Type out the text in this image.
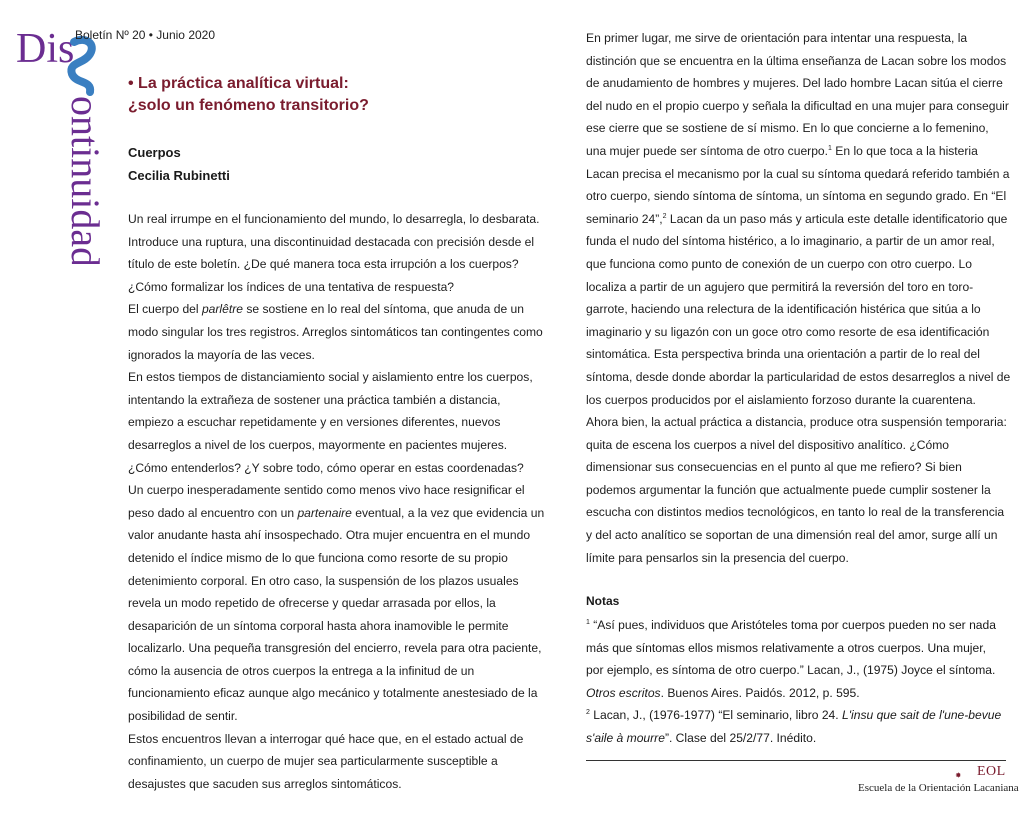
Dis
ontinuidad
Boletín Nº 20 • Junio 2020
• La práctica analítica virtual:
¿solo un fenómeno transitorio?
Cuerpos
Cecilia Rubinetti

Un real irrumpe en el funcionamiento del mundo, lo desarregla, lo desbarata. Introduce una ruptura, una discontinuidad destacada con precisión desde el título de este boletín. ¿De qué manera toca esta irrupción a los cuerpos? ¿Cómo formalizar los índices de una tentativa de respuesta?

El cuerpo del parlêtre se sostiene en lo real del síntoma, que anuda de un modo singular los tres registros. Arreglos sintomáticos tan contingentes como ignorados la mayoría de las veces.

En estos tiempos de distanciamiento social y aislamiento entre los cuerpos, intentando la extrañeza de sostener una práctica también a distancia, empiezo a escuchar repetidamente y en versiones diferentes, nuevos desarreglos a nivel de los cuerpos, mayormente en pacientes mujeres. ¿Cómo entenderlos? ¿Y sobre todo, cómo operar en estas coordenadas?

Un cuerpo inesperadamente sentido como menos vivo hace resignificar el peso dado al encuentro con un partenaire eventual, a la vez que evidencia un valor anudante hasta ahí insospechado. Otra mujer encuentra en el mundo detenido el índice mismo de lo que funciona como resorte de su propio detenimiento corporal. En otro caso, la suspensión de los plazos usuales revela un modo repetido de ofrecerse y quedar arrasada por ellos, la desaparición de un síntoma corporal hasta ahora inamovible le permite localizarlo. Una pequeña transgresión del encierro, revela para otra paciente, cómo la ausencia de otros cuerpos la entrega a la infinitud de un funcionamiento eficaz aunque algo mecánico y totalmente anestesiado de la posibilidad de sentir.

Estos encuentros llevan a interrogar qué hace que, en el estado actual de confinamiento, un cuerpo de mujer sea particularmente susceptible a desajustes que sacuden sus arreglos sintomáticos.

En primer lugar, me sirve de orientación para intentar una respuesta, la distinción que se encuentra en la última enseñanza de Lacan sobre los modos de anudamiento de hombres y mujeres. Del lado hombre Lacan sitúa el cierre del nudo en el propio cuerpo y señala la dificultad en una mujer para conseguir ese cierre que se sostiene de sí mismo. En lo que concierne a lo femenino, una mujer puede ser síntoma de otro cuerpo.$^1$ En lo que toca a la histeria Lacan precisa el mecanismo por la cual su síntoma quedará referido también a otro cuerpo, siendo síntoma de síntoma, un síntoma en segundo grado. En “El seminario 24”,$^2$ Lacan da un paso más y articula este detalle identificatorio que funda el nudo del síntoma histérico, a lo imaginario, a partir de un amor real, que funciona como punto de conexión de un cuerpo con otro cuerpo. Lo localiza a partir de un agujero que permitirá la reversión del toro en toro-garrote, haciendo una relectura de la identificación histérica que sitúa a lo imaginario y su ligazón con un goce otro como resorte de esa identificación sintomática. Esta perspectiva brinda una orientación a partir de lo real del síntoma, desde donde abordar la particularidad de estos desarreglos a nivel de los cuerpos producidos por el aislamiento forzoso durante la cuarentena.

Ahora bien, la actual práctica a distancia, produce otra suspensión temporaria: quita de escena los cuerpos a nivel del dispositivo analítico. ¿Cómo dimensionar sus consecuencias en el punto al que me refiero? Si bien podemos argumentar la función que actualmente puede cumplir sostener la escucha con distintos medios tecnológicos, en tanto lo real de la transferencia y del acto analítico se soportan de una dimensión real del amor, surge allí un límite para pensarlos sin la presencia del cuerpo.

Notas

$^1$ “Así pues, individuos que Aristóteles toma por cuerpos pueden no ser nada más que síntomas ellos mismos relativamente a otros cuerpos. Una mujer, por ejemplo, es síntoma de otro cuerpo.” Lacan, J., (1975) Joyce el síntoma. Otros escritos. Buenos Aires. Paidós. 2012, p. 595.

$^2$ Lacan, J., (1976-1977) “El seminario, libro 24. L'insu que sait de l'une-bevue s'aile à mourre”. Clase del 25/2/77. Inédito.

EOL
Escuela de la Orientación Lacaniana
